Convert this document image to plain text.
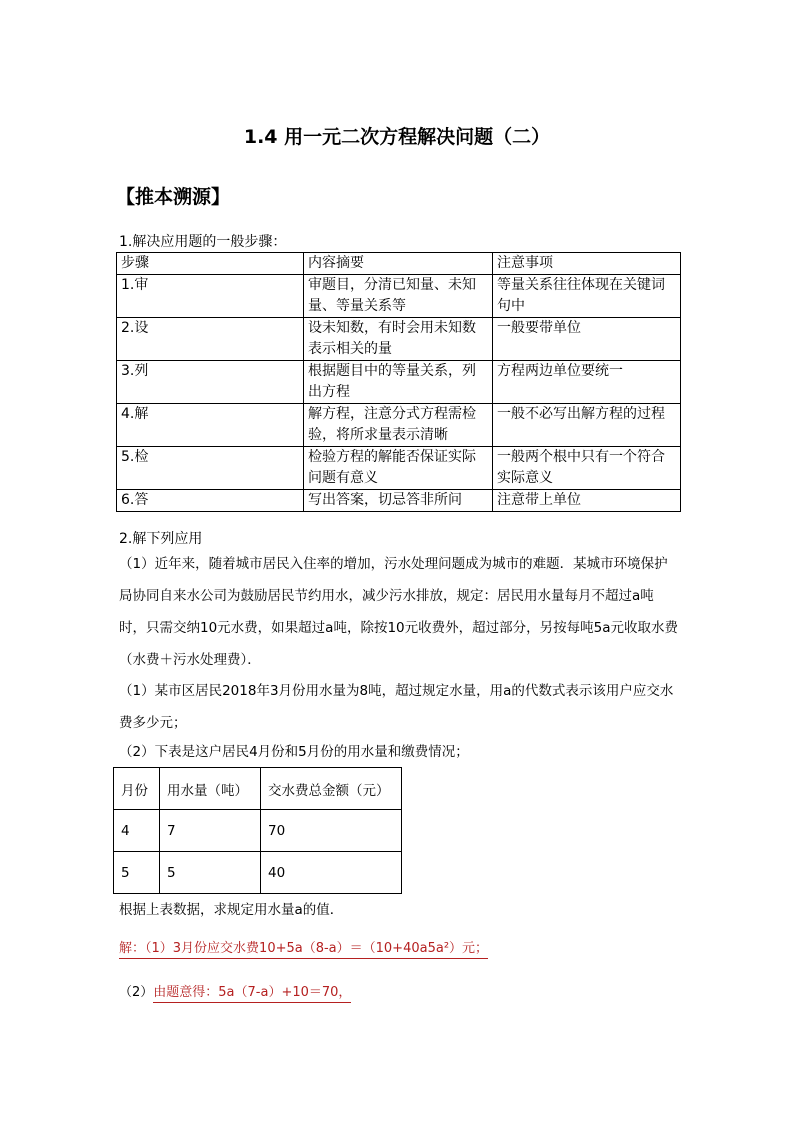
1.4 用一元二次方程解决问题（二）
【推本溯源】
1.解决应用题的一般步骤：
步骤	内容摘要	注意事项
1.审	审题目，分清已知量、未知量、等量关系等	等量关系往往体现在关键词句中
2.设	设未知数，有时会用未知数表示相关的量	一般要带单位
3.列	根据题目中的等量关系，列出方程	方程两边单位要统一
4.解	解方程，注意分式方程需检验，将所求量表示清晰	一般不必写出解方程的过程
5.检	检验方程的解能否保证实际问题有意义	一般两个根中只有一个符合实际意义
6.答	写出答案，切忌答非所问	注意带上单位
2.解下列应用
（1）近年来，随着城市居民入住率的增加，污水处理问题成为城市的难题．某城市环境保护局协同自来水公司为鼓励居民节约用水，减少污水排放，规定：居民用水量每月不超过a吨时，只需交纳10元水费，如果超过a吨，除按10元收费外，超过部分，另按每吨5a元收取水费（水费＋污水处理费）．
（1）某市区居民2018年3月份用水量为8吨，超过规定水量，用a的代数式表示该用户应交水费多少元；
（2）下表是这户居民4月份和5月份的用水量和缴费情况；
月份	用水量（吨）	交水费总金额（元）
4	7	70
5	5	40
根据上表数据，求规定用水量a的值．
解：（1）3月份应交水费10+5a（8-a）＝（10+40a5a²）元；
（2）由题意得：5a（7-a）+10＝70，
